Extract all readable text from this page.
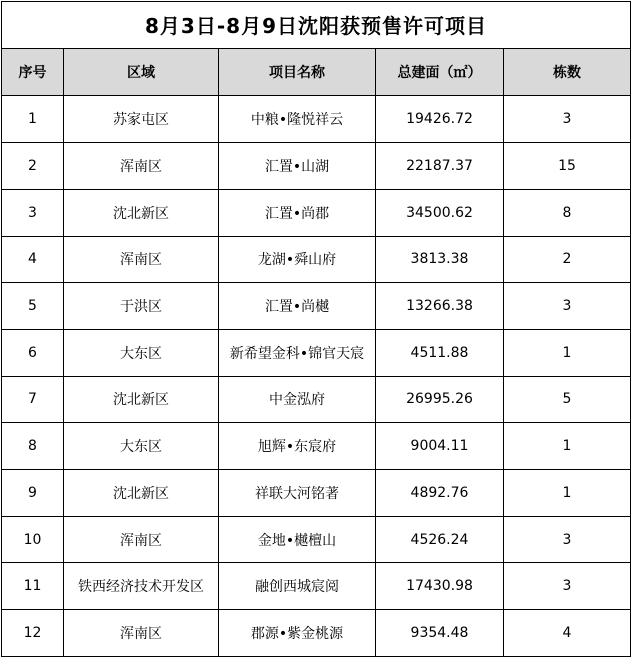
8月3日-8月9日沈阳获预售许可项目				
序号	区域	项目名称	总建面（㎡）	栋数
1	苏家屯区	中粮•隆悦祥云	19426.72	3
2	浑南区	汇置•山湖	22187.37	15
3	沈北新区	汇置•尚郡	34500.62	8
4	浑南区	龙湖•舜山府	3813.38	2
5	于洪区	汇置•尚樾	13266.38	3
6	大东区	新希望金科•锦官天宸	4511.88	1
7	沈北新区	中金泓府	26995.26	5
8	大东区	旭辉•东宸府	9004.11	1
9	沈北新区	祥联大河铭著	4892.76	1
10	浑南区	金地•樾檀山	4526.24	3
11	铁西经济技术开发区	融创西城宸阅	17430.98	3
12	浑南区	郡源•紫金桃源	9354.48	4
